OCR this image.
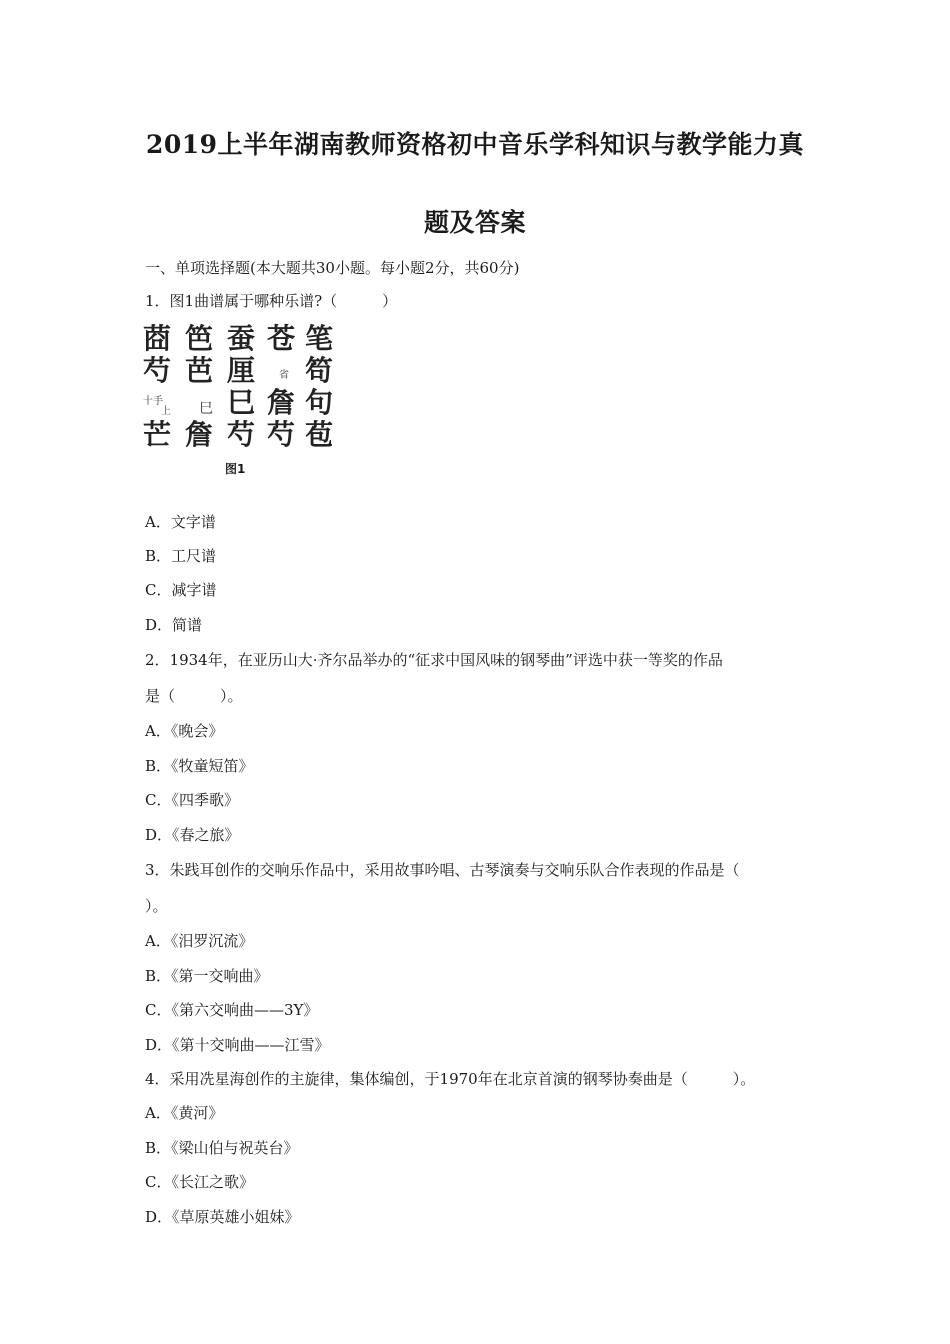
2019上半年湖南教师资格初中音乐学科知识与教学能力真
题及答案
一、单项选择题(本大题共30小题。每小题2分，共60分)
1．图1曲谱属于哪种乐谱?（　　　）
莔 笆 蚕 苍 笔
芍 芭 厘 省 笱
十手
上 巳 巳 詹 句
芒 詹 芍 芍 苞
图1
A．文字谱
B．工尺谱
C．减字谱
D．简谱
2．1934年，在亚历山大·齐尔品举办的“征求中国风味的钢琴曲”评选中获一等奖的作品
是（　　　）。
A．《晚会》
B．《牧童短笛》
C．《四季歌》
D．《春之旅》
3．朱践耳创作的交响乐作品中，采用故事吟唱、古琴演奏与交响乐队合作表现的作品是（
）。
A．《汨罗沉流》
B．《第一交响曲》
C．《第六交响曲——3Y》
D．《第十交响曲——江雪》
4．采用冼星海创作的主旋律，集体编创，于1970年在北京首演的钢琴协奏曲是（　　　）。
A．《黄河》
B．《梁山伯与祝英台》
C．《长江之歌》
D．《草原英雄小姐妹》
